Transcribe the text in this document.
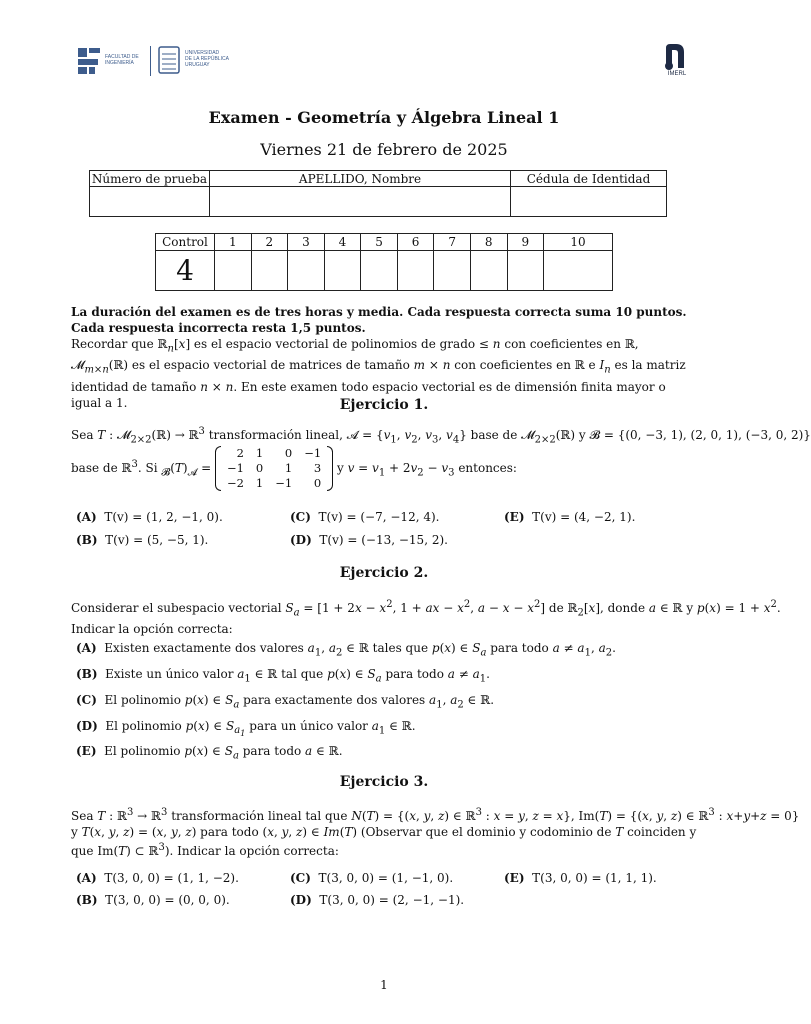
FACULTAD DE
INGENIERÍA
UNIVERSIDAD
DE LA REPÚBLICA
URUGUAY
IMERL
Examen - Geometría y Álgebra Lineal 1
Viernes 21 de febrero de 2025
Número de prueba	APELLIDO, Nombre	Cédula de Identidad

Control	1	2	3	4	5	6	7	8	9	10
4										

La duración del examen es de tres horas y media. Cada respuesta correcta suma 10 puntos. Cada respuesta incorrecta resta 1,5 puntos.

Recordar que ℝ$_n$[x] es el espacio vectorial de polinomios de grado ≤ n con coeficientes en ℝ, 𝓜$_{m\times n}$(ℝ) es el espacio vectorial de matrices de tamaño m × n con coeficientes en ℝ e $I_n$ es la matriz identidad de tamaño n × n. En este examen todo espacio vectorial es de dimensión finita mayor o igual a 1.	Ejercicio 1.
Sea T : 𝓜$_{2\times 2}$(ℝ) → ℝ$^3$ transformación lineal, 𝓐 = {$v_1$, $v_2$, $v_3$, $v_4$} base de 𝓜$_{2\times 2}$(ℝ) y 𝓑 = {(0, −3, 1), (2, 0, 1), (−3, 0, 2)}
base de ℝ$^3$. Si $_𝓑(T)_𝓐$ =
2	1	0	−1
−1	0	1	3
−2	1	−1	0
y $v = v_1 + 2v_2 - v_3$ entonces:
(A) T(v) = (1, 2, −1, 0).	(C) T(v) = (−7, −12, 4).	(E) T(v) = (4, −2, 1).
(B) T(v) = (5, −5, 1).	(D) T(v) = (−13, −15, 2).
Ejercicio 2.

Considerar el subespacio vectorial $S_a = [1 + 2x - x^2$, 1 + ax − $x^2$, $a - x - x^2$] de ℝ$_2$[x], donde a ∈ ℝ y $p(x) = 1 + x^2$.

Indicar la opción correcta:

(A)  Existen exactamente dos valores $a_1$, $a_2$ ∈ ℝ tales que p(x) ∈ $S_a$ para todo $a \ne a_1$, $a_2$.
(B)  Existe un único valor $a_1$ ∈ ℝ tal que p(x) ∈ $S_a$ para todo $a \ne a_1$.
(C)  El polinomio p(x) ∈ $S_a$ para exactamente dos valores $a_1$, $a_2$ ∈ ℝ.
(D)  El polinomio p(x) ∈ $S_{a_1}$ para un único valor $a_1$ ∈ ℝ.
(E)  El polinomio p(x) ∈ $S_a$ para todo a ∈ ℝ.
Ejercicio 3.

Sea T : ℝ$^3$ → ℝ$^3$ transformación lineal tal que N(T) = {(x, y, z) ∈ ℝ$^3$ : x = y, z = x}, Im(T) = {(x, y, z) ∈ ℝ$^3$ : x+y+z = 0}

y T(x, y, z) = (x, y, z) para todo (x, y, z) ∈ Im(T) (Observar que el dominio y codominio de T coinciden y que Im(T) ⊂ ℝ$^3$). Indicar la opción correcta:

(A) T(3, 0, 0) = (1, 1, −2).	(C) T(3, 0, 0) = (1, −1, 0).	(E) T(3, 0, 0) = (1, 1, 1).
(B) T(3, 0, 0) = (0, 0, 0).	(D) T(3, 0, 0) = (2, −1, −1).
1
